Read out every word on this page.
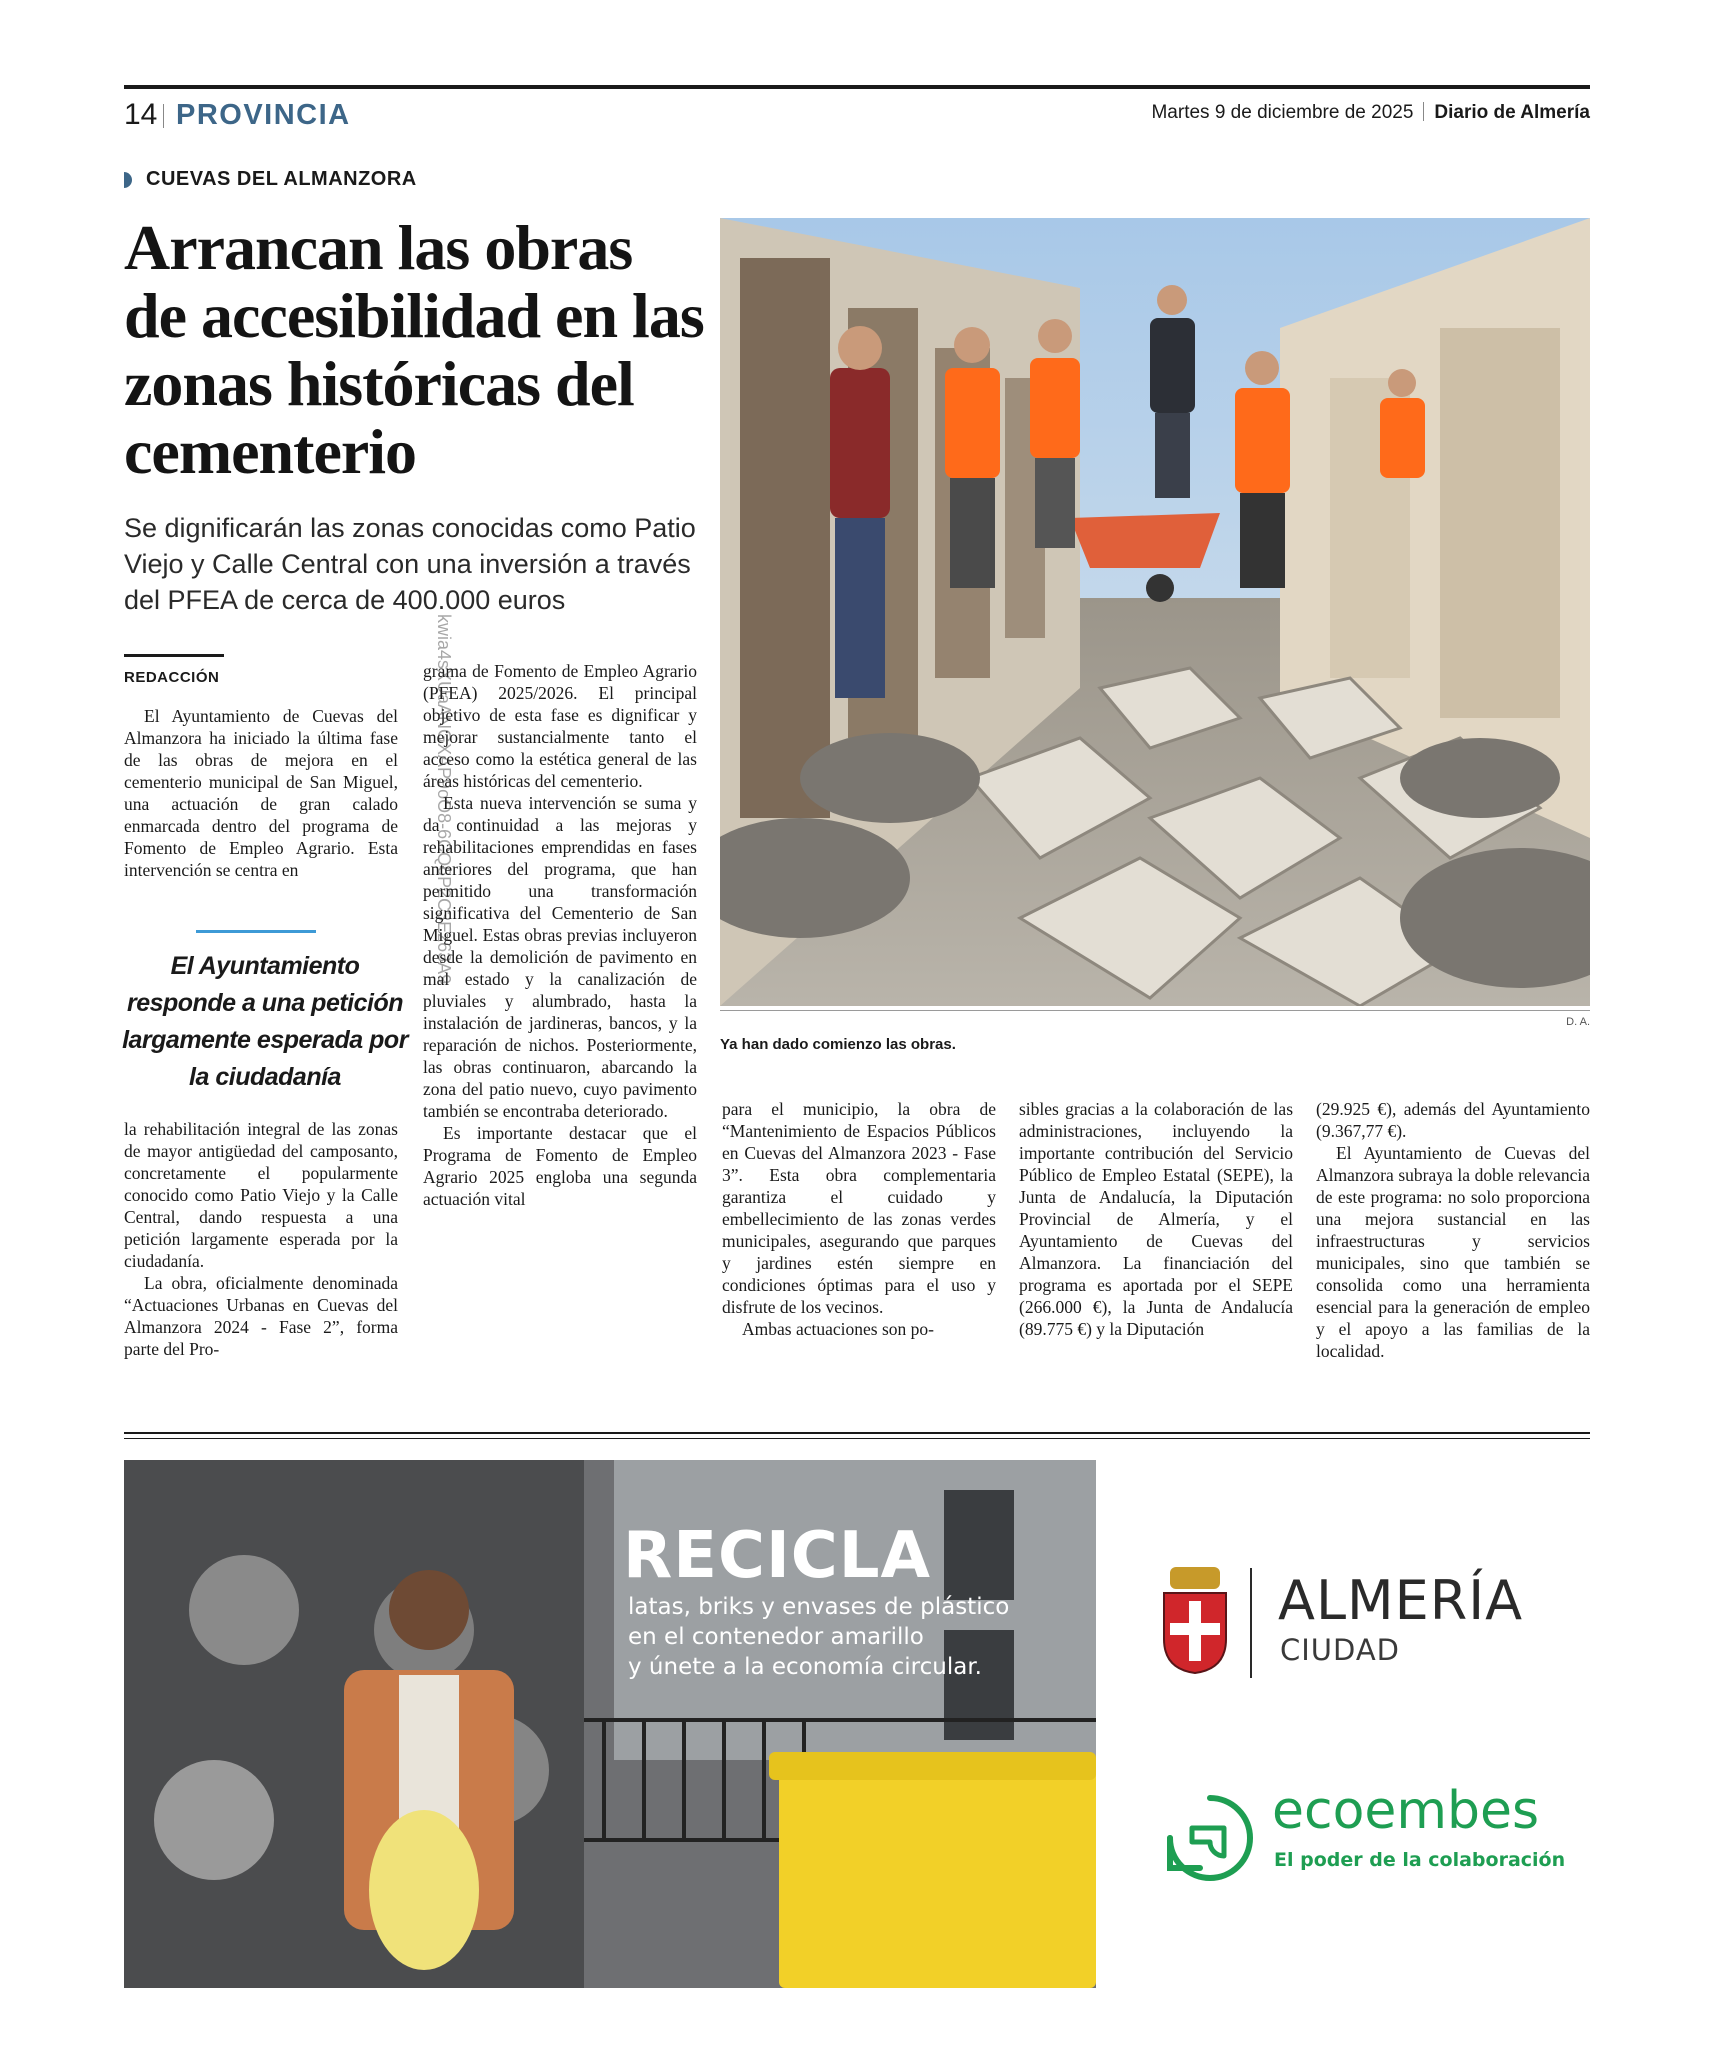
14 PROVINCIA	Martes 9 de diciembre de 2025 Diario de Almería
CUEVAS DEL ALMANZORA
Arrancan las obras de accesibilidad en las zonas históricas del cementerio
Se dignificarán las zonas conocidas como Patio Viejo y Calle Central con una inversión a través del PFEA de cerca de 400.000 euros
REDACCIÓN

El Ayuntamiento de Cuevas del Almanzora ha iniciado la última fase de las obras de mejora en el cementerio municipal de San Miguel, una actuación de gran calado enmarcada dentro del programa de Fomento de Empleo Agrario. Esta intervención se centra en

El Ayuntamiento responde a una petición largamente esperada por la ciudadanía

la rehabilitación integral de las zonas de mayor antigüedad del camposanto, concretamente el popularmente conocido como Patio Viejo y la Calle Central, dando respuesta a una petición largamente esperada por la ciudadanía.

La obra, oficialmente denominada “Actuaciones Urbanas en Cuevas del Almanzora 2024 - Fase 2”, forma parte del Pro-

grama de Fomento de Empleo Agrario (PFEA) 2025/2026. El principal objetivo de esta fase es dignificar y mejorar sustancialmente tanto el acceso como la estética general de las áreas históricas del cementerio.

Esta nueva intervención se suma y da continuidad a las mejoras y rehabilitaciones emprendidas en fases anteriores del programa, que han permitido una transformación significativa del Cementerio de San Miguel. Estas obras previas incluyeron desde la demolición de pavimento en mal estado y la canalización de pluviales y alumbrado, hasta la instalación de jardineras, bancos, y la reparación de nichos. Posteriormente, las obras continuaron, abarcando la zona del patio nuevo, cuyo pavimento también se encontraba deteriorado.

Es importante destacar que el Programa de Fomento de Empleo Agrario 2025 engloba una segunda actuación vital

D. A.
Ya han dado comienzo las obras.

para el municipio, la obra de “Mantenimiento de Espacios Públicos en Cuevas del Almanzora 2023 - Fase 3”. Esta obra complementaria garantiza el cuidado y embellecimiento de las zonas verdes municipales, asegurando que parques y jardines estén siempre en condiciones óptimas para el uso y disfrute de los vecinos.

Ambas actuaciones son po-

sibles gracias a la colaboración de las administraciones, incluyendo la importante contribución del Servicio Público de Empleo Estatal (SEPE), la Junta de Andalucía, la Diputación Provincial de Almería, y el Ayuntamiento de Cuevas del Almanzora. La financiación del programa es aportada por el SEPE (266.000 €), la Junta de Andalucía (89.775 €) y la Diputación

(29.925 €), además del Ayuntamiento (9.367,77 €).

El Ayuntamiento de Cuevas del Almanzora subraya la doble relevancia de este programa: no solo proporciona una mejora sustancial en las infraestructuras y servicios municipales, sino que también se consolida como una herramienta esencial para la generación de empleo y el apoyo a las familias de la localidad.

kwia4sXUaANGXAP9oO8-6CQ6P2C3Ez63A9
RECICLA
latas, briks y envases de plástico
en el contenedor amarillo
y únete a la economía circular.
ALMERÍA
CIUDAD
ecoembes
El poder de la colaboración
